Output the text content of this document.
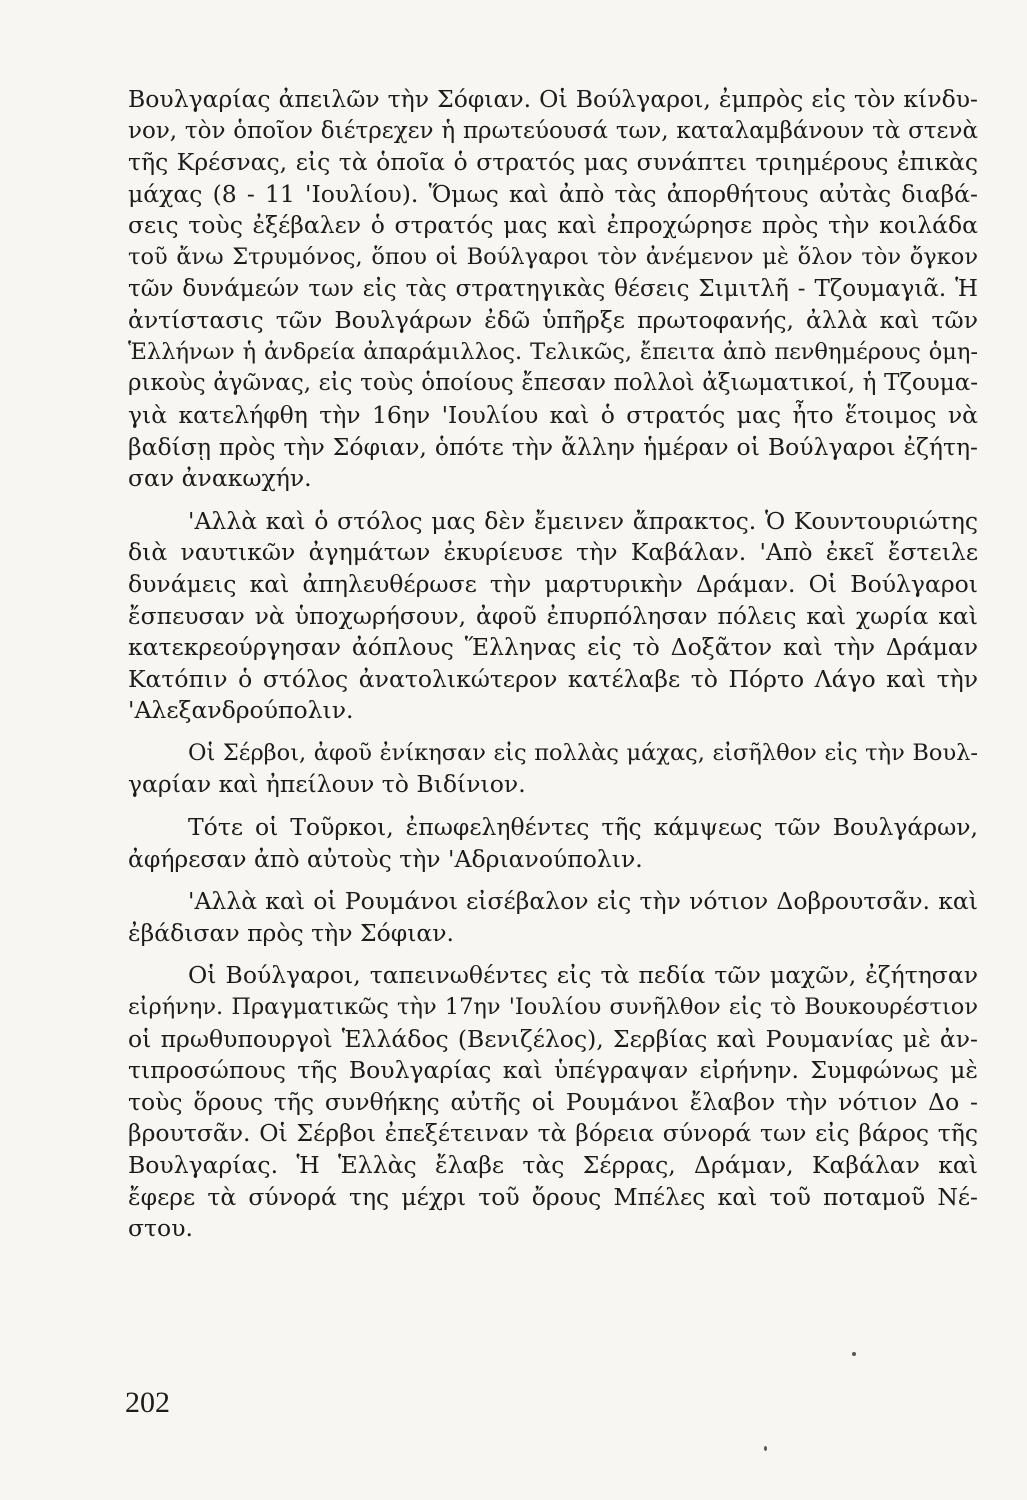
Βουλγαρίας ἀπειλῶν τὴν Σόφιαν. Οἱ Βούλγαροι, ἐμπρὸς εἰς τὸν κίνδυ-
νον, τὸν ὁποῖον διέτρεχεν ἡ πρωτεύουσά των, καταλαμβάνουν τὰ στενὰ
τῆς Κρέσνας, εἰς τὰ ὁποῖα ὁ στρατός μας συνάπτει τριημέρους ἐπικὰς
μάχας (8 - 11 'Ιουλίου). Ὅμως καὶ ἀπὸ τὰς ἀπορθήτους αὐτὰς διαβά-
σεις τοὺς ἐξέβαλεν ὁ στρατός μας καὶ ἐπροχώρησε πρὸς τὴν κοιλάδα
τοῦ ἄνω Στρυμόνος, ὅπου οἱ Βούλγαροι τὸν ἀνέμενον μὲ ὅλον τὸν ὄγκον
τῶν δυνάμεών των εἰς τὰς στρατηγικὰς θέσεις Σιμιτλῆ - Τζουμαγιᾶ. Ἡ
ἀντίστασις τῶν Βουλγάρων ἐδῶ ὑπῆρξε πρωτοφανής, ἀλλὰ καὶ τῶν
Ἑλλήνων ἡ ἀνδρεία ἀπαράμιλλος. Τελικῶς, ἔπειτα ἀπὸ πενθημέρους ὁμη-
ρικοὺς ἀγῶνας, εἰς τοὺς ὁποίους ἔπεσαν πολλοὶ ἀξιωματικοί, ἡ Τζουμα-
γιὰ κατελήφθη τὴν 16ην 'Ιουλίου καὶ ὁ στρατός μας ἦτο ἕτοιμος νὰ
βαδίσῃ πρὸς τὴν Σόφιαν, ὁπότε τὴν ἄλλην ἡμέραν οἱ Βούλγαροι ἐζήτη-
σαν ἀνακωχήν.
'Αλλὰ καὶ ὁ στόλος μας δὲν ἔμεινεν ἄπρακτος. Ὁ Κουντουριώτης
διὰ ναυτικῶν ἀγημάτων ἐκυρίευσε τὴν Καβάλαν. 'Απὸ ἐκεῖ ἔστειλε
δυνάμεις καὶ ἀπηλευθέρωσε τὴν μαρτυρικὴν Δράμαν. Οἱ Βούλγαροι
ἔσπευσαν νὰ ὑποχωρήσουν, ἀφοῦ ἐπυρπόλησαν πόλεις καὶ χωρία καὶ
κατεκρεούργησαν ἀόπλους Ἕλληνας εἰς τὸ Δοξᾶτον καὶ τὴν Δράμαν
Κατόπιν ὁ στόλος ἀνατολικώτερον κατέλαβε τὸ Πόρτο Λάγο καὶ τὴν
'Αλεξανδρούπολιν.
Οἱ Σέρβοι, ἀφοῦ ἐνίκησαν εἰς πολλὰς μάχας, εἰσῆλθον εἰς τὴν Βουλ-
γαρίαν καὶ ἠπείλουν τὸ Βιδίνιον.
Τότε οἱ Τοῦρκοι, ἐπωφεληθέντες τῆς κάμψεως τῶν Βουλγάρων,
ἀφήρεσαν ἀπὸ αὐτοὺς τὴν 'Αδριανούπολιν.
'Αλλὰ καὶ οἱ Ρουμάνοι εἰσέβαλον εἰς τὴν νότιον Δοβρουτσᾶν. καὶ
ἐβάδισαν πρὸς τὴν Σόφιαν.
Οἱ Βούλγαροι, ταπεινωθέντες εἰς τὰ πεδία τῶν μαχῶν, ἐζήτησαν
εἰρήνην. Πραγματικῶς τὴν 17ην 'Ιουλίου συνῆλθον εἰς τὸ Βουκουρέστιον
οἱ πρωθυπουργοὶ Ἑλλάδος (Βενιζέλος), Σερβίας καὶ Ρουμανίας μὲ ἀν-
τιπροσώπους τῆς Βουλγαρίας καὶ ὑπέγραψαν εἰρήνην. Συμφώνως μὲ
τοὺς ὅρους τῆς συνθήκης αὐτῆς οἱ Ρουμάνοι ἔλαβον τὴν νότιον Δο -
βρουτσᾶν. Οἱ Σέρβοι ἐπεξέτειναν τὰ βόρεια σύνορά των εἰς βάρος τῆς
Βουλγαρίας. Ἡ Ἑλλὰς ἔλαβε τὰς Σέρρας, Δράμαν, Καβάλαν καὶ
ἔφερε τὰ σύνορά της μέχρι τοῦ ὄρους Μπέλες καὶ τοῦ ποταμοῦ Νέ-
στου.
202
